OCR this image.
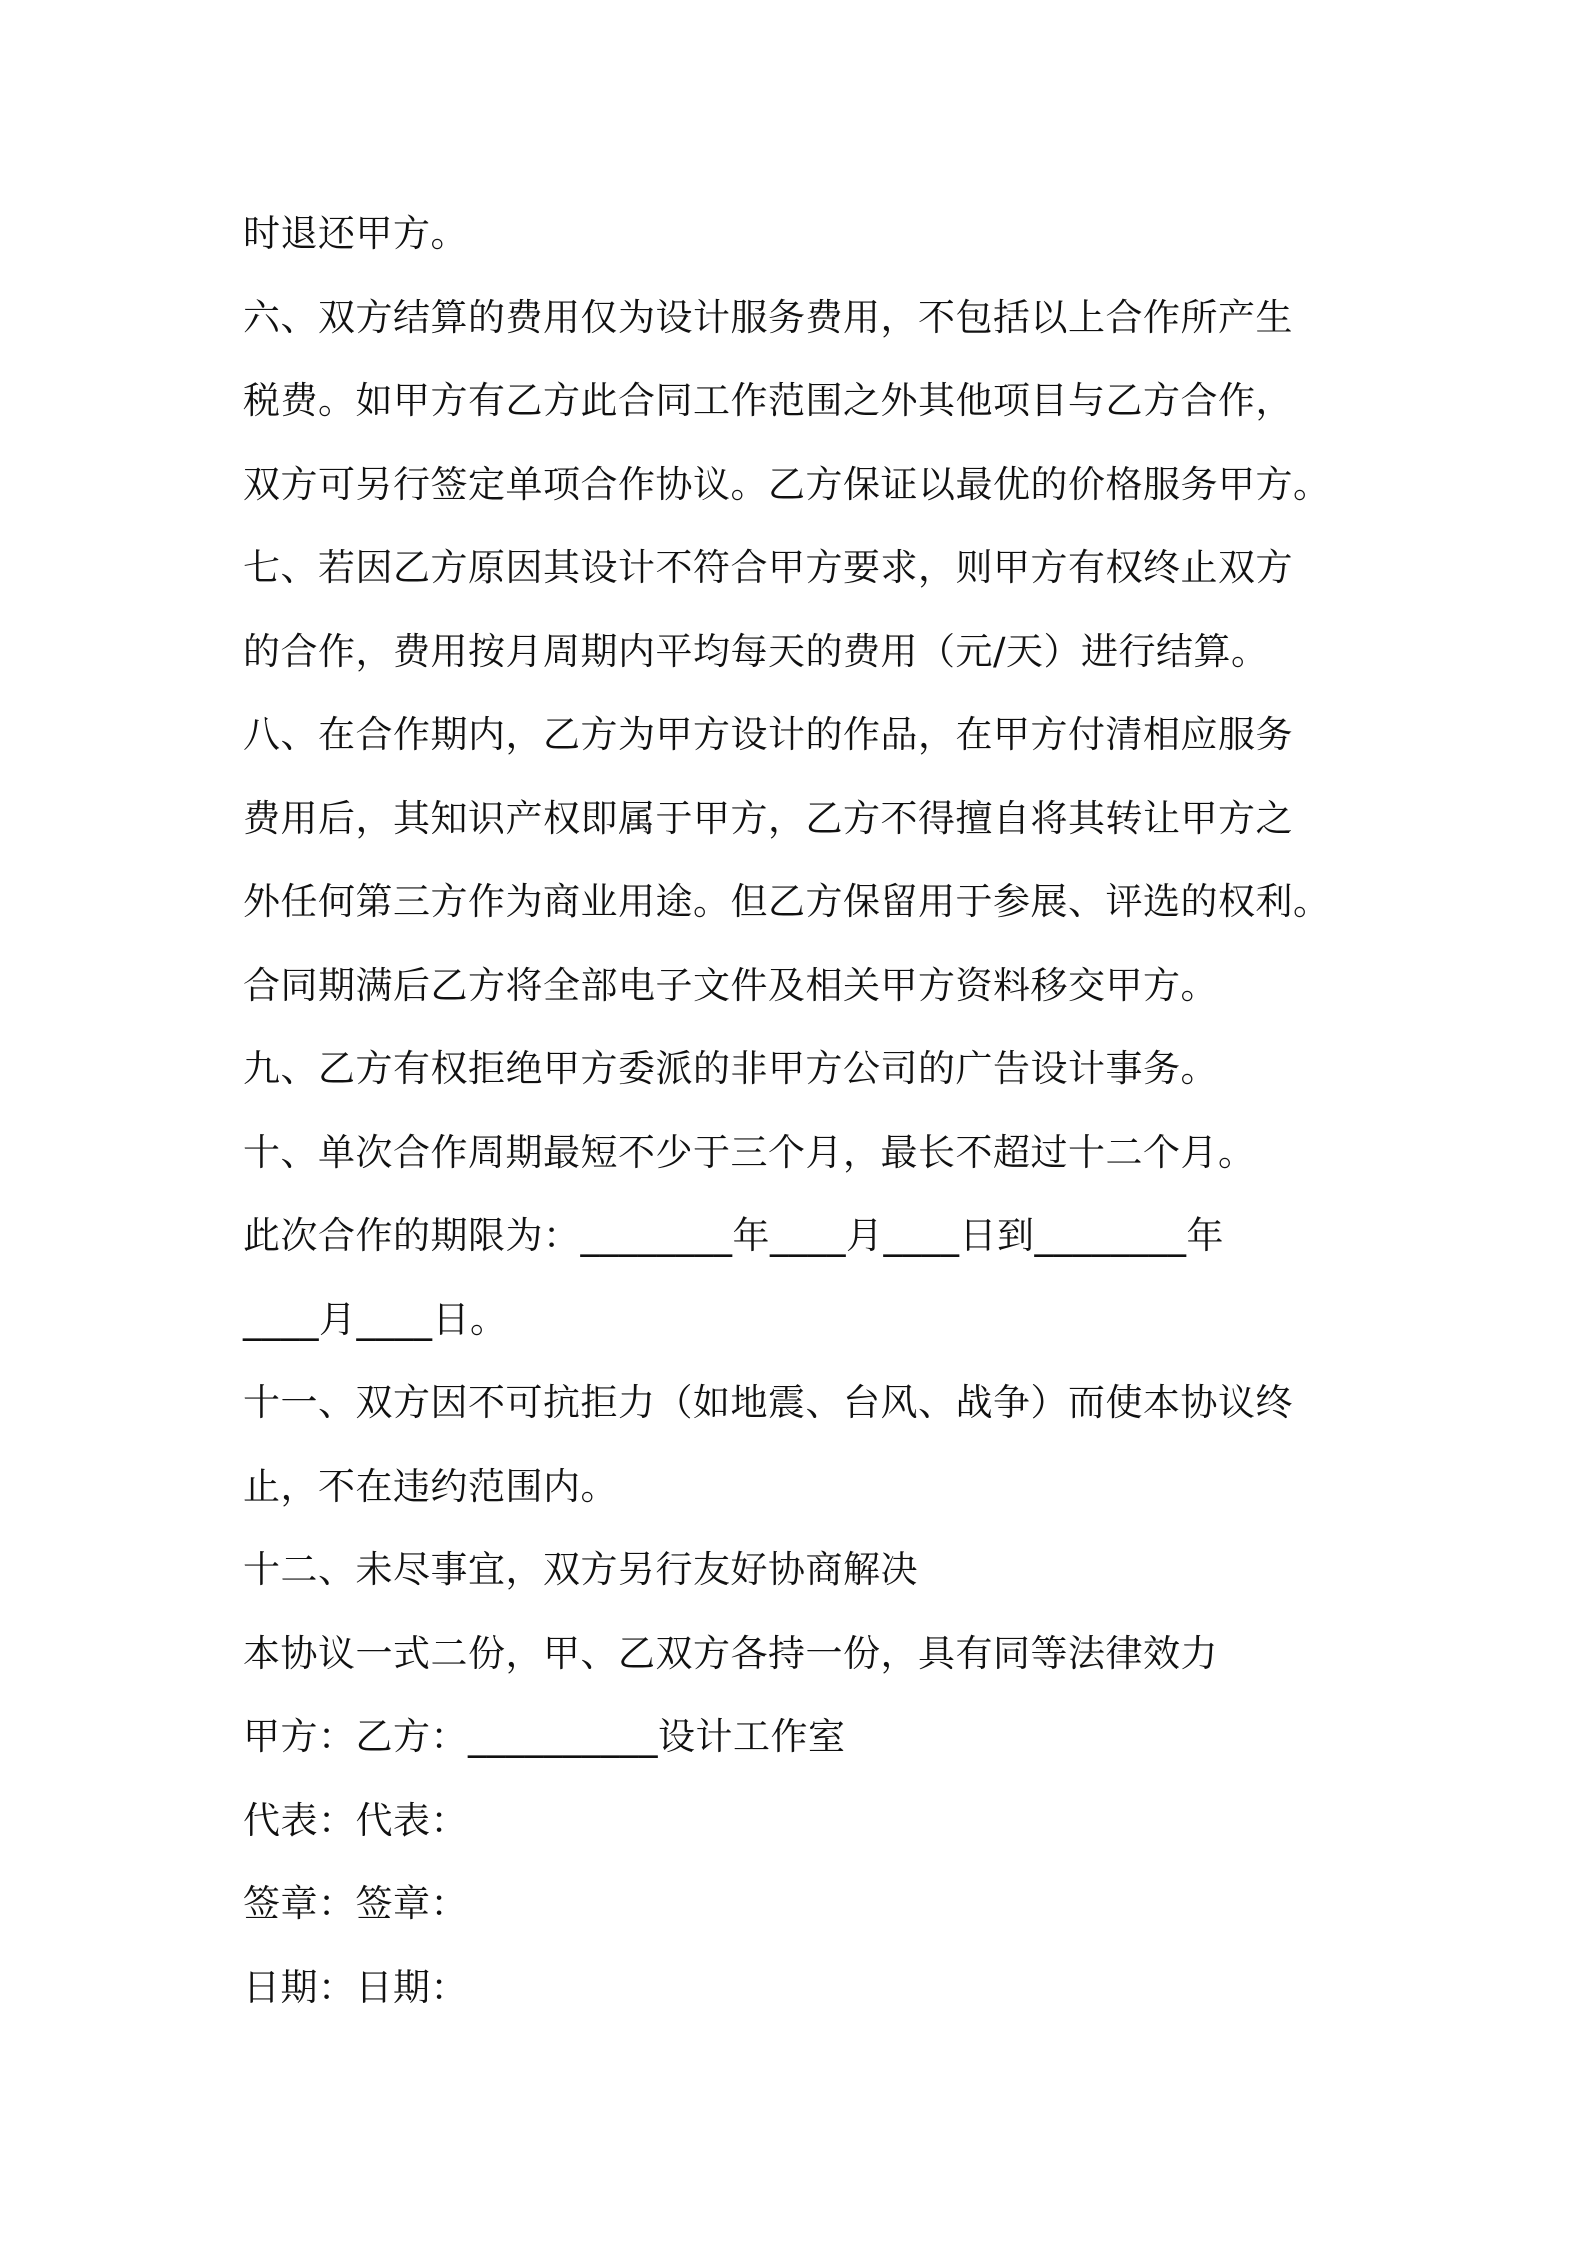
时退还甲方。
六、双方结算的费用仅为设计服务费用，不包括以上合作所产生
税费。如甲方有乙方此合同工作范围之外其他项目与乙方合作，
双方可另行签定单项合作协议。乙方保证以最优的价格服务甲方。
七、若因乙方原因其设计不符合甲方要求，则甲方有权终止双方
的合作，费用按月周期内平均每天的费用（元/天）进行结算。
八、在合作期内，乙方为甲方设计的作品，在甲方付清相应服务
费用后，其知识产权即属于甲方，乙方不得擅自将其转让甲方之
外任何第三方作为商业用途。但乙方保留用于参展、评选的权利。
合同期满后乙方将全部电子文件及相关甲方资料移交甲方。
九、乙方有权拒绝甲方委派的非甲方公司的广告设计事务。
十、单次合作周期最短不少于三个月，最长不超过十二个月。
此次合作的期限为：________年____月____日到________年
____月____日。
十一、双方因不可抗拒力（如地震、台风、战争）而使本协议终
止，不在违约范围内。
十二、未尽事宜，双方另行友好协商解决
本协议一式二份，甲、乙双方各持一份，具有同等法律效力
甲方：乙方：__________设计工作室
代表：代表：
签章：签章：
日期：日期：
